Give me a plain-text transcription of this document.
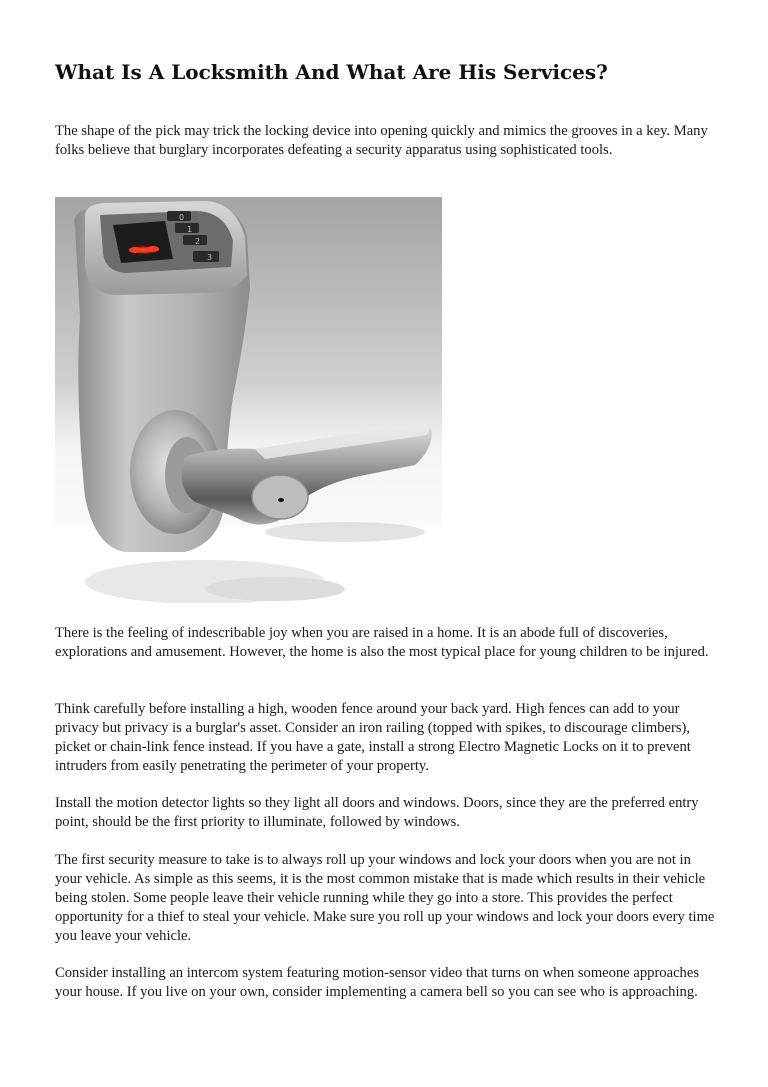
What Is A Locksmith And What Are His Services?

The shape of the pick may trick the locking device into opening quickly and mimics the grooves in a key. Many folks believe that burglary incorporates defeating a security apparatus using sophisticated tools.

0
1
2
3

There is the feeling of indescribable joy when you are raised in a home. It is an abode full of discoveries, explorations and amusement. However, the home is also the most typical place for young children to be injured.

Think carefully before installing a high, wooden fence around your back yard. High fences can add to your privacy but privacy is a burglar's asset. Consider an iron railing (topped with spikes, to discourage climbers), picket or chain-link fence instead. If you have a gate, install a strong Electro Magnetic Locks on it to prevent intruders from easily penetrating the perimeter of your property.

Install the motion detector lights so they light all doors and windows. Doors, since they are the preferred entry point, should be the first priority to illuminate, followed by windows.

The first security measure to take is to always roll up your windows and lock your doors when you are not in your vehicle. As simple as this seems, it is the most common mistake that is made which results in their vehicle being stolen. Some people leave their vehicle running while they go into a store. This provides the perfect opportunity for a thief to steal your vehicle. Make sure you roll up your windows and lock your doors every time you leave your vehicle.

Consider installing an intercom system featuring motion-sensor video that turns on when someone approaches your house. If you live on your own, consider implementing a camera bell so you can see who is approaching.
